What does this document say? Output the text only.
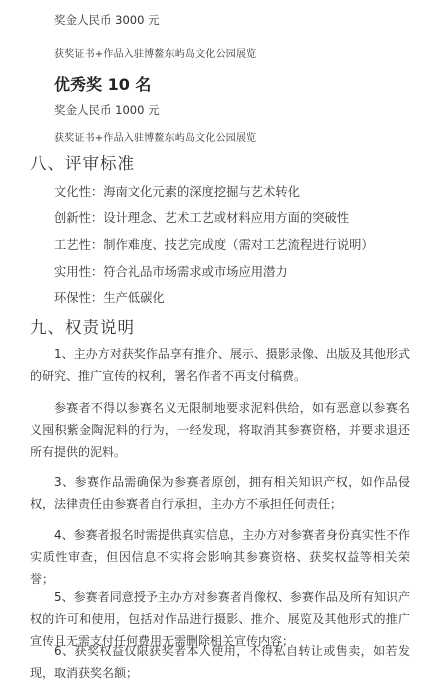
奖金人民币 3000 元
获奖证书+作品入驻博鳌东屿岛文化公园展览
优秀奖 10 名
奖金人民币 1000 元
获奖证书+作品入驻博鳌东屿岛文化公园展览
八、评审标准
文化性：海南文化元素的深度挖掘与艺术转化
创新性：设计理念、艺术工艺或材料应用方面的突破性
工艺性：制作难度、技艺完成度（需对工艺流程进行说明）
实用性：符合礼品市场需求或市场应用潜力
环保性：生产低碳化
九、权责说明
1、主办方对获奖作品享有推介、展示、摄影录像、出版及其他形式的研究、推广宣传的权利，署名作者不再支付稿费。
参赛者不得以参赛名义无限制地要求泥料供给，如有恶意以参赛名义囤积紫金陶泥料的行为，一经发现，将取消其参赛资格，并要求退还所有提供的泥料。
3、参赛作品需确保为参赛者原创，拥有相关知识产权，如作品侵权，法律责任由参赛者自行承担，主办方不承担任何责任；
4、参赛者报名时需提供真实信息，主办方对参赛者身份真实性不作实质性审查，但因信息不实将会影响其参赛资格、获奖权益等相关荣誉；
5、参赛者同意授予主办方对参赛者肖像权、参赛作品及所有知识产权的许可和使用，包括对作品进行摄影、推介、展览及其他形式的推广宣传且无需支付任何费用无需删除相关宣传内容；
6、获奖权益仅限获奖者本人使用，不得私自转让或售卖，如若发现，取消获奖名额；
